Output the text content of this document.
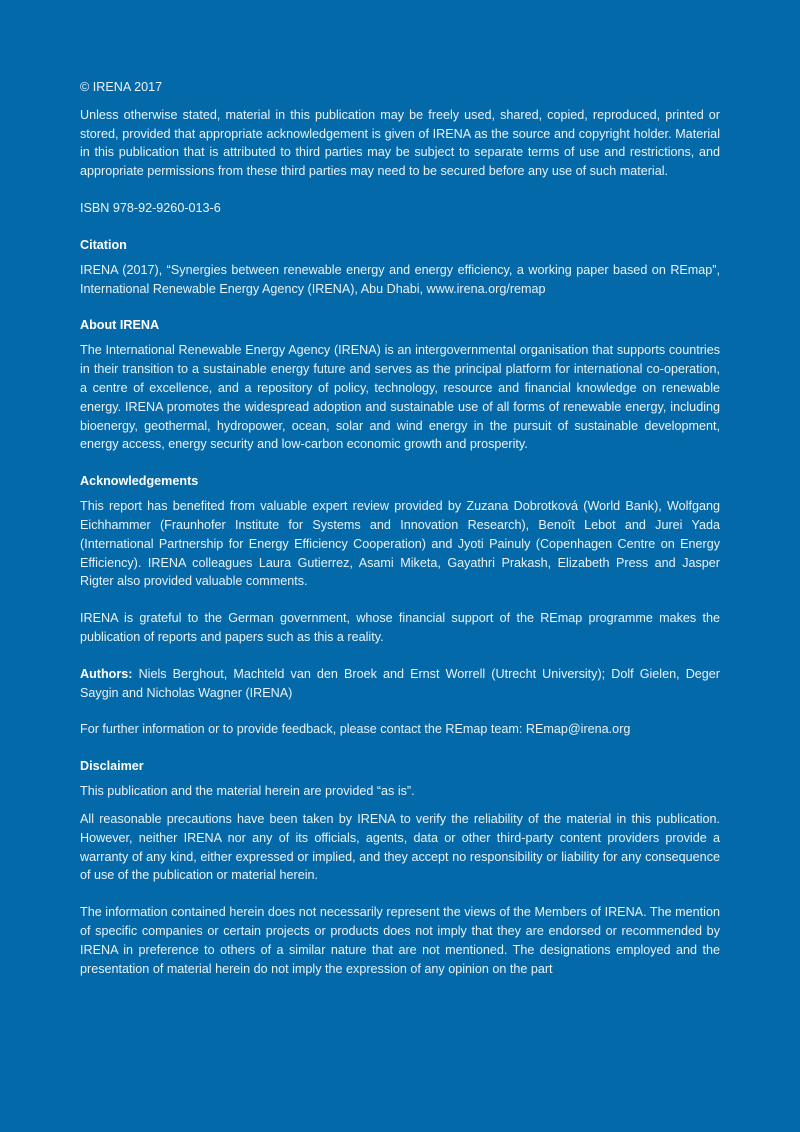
© IRENA 2017

Unless otherwise stated, material in this publication may be freely used, shared, copied, reproduced, printed or stored, provided that appropriate acknowledgement is given of IRENA as the source and copyright holder. Material in this publication that is attributed to third parties may be subject to separate terms of use and restrictions, and appropriate permissions from these third parties may need to be secured before any use of such material.

ISBN 978-92-9260-013-6

Citation

IRENA (2017), “Synergies between renewable energy and energy efficiency, a working paper based on REmap”, International Renewable Energy Agency (IRENA), Abu Dhabi, www.irena.org/remap

About IRENA

The International Renewable Energy Agency (IRENA) is an intergovernmental organisation that supports countries in their transition to a sustainable energy future and serves as the principal platform for international co-operation, a centre of excellence, and a repository of policy, technology, resource and financial knowledge on renewable energy. IRENA promotes the widespread adoption and sustainable use of all forms of renewable energy, including bioenergy, geothermal, hydropower, ocean, solar and wind energy in the pursuit of sustainable development, energy access, energy security and low-carbon economic growth and prosperity.

Acknowledgements

This report has benefited from valuable expert review provided by Zuzana Dobrotková (World Bank), Wolfgang Eichhammer (Fraunhofer Institute for Systems and Innovation Research), Benoît Lebot and Jurei Yada (International Partnership for Energy Efficiency Cooperation) and Jyoti Painuly (Copenhagen Centre on Energy Efficiency). IRENA colleagues Laura Gutierrez, Asami Miketa, Gayathri Prakash, Elizabeth Press and Jasper Rigter also provided valuable comments.

IRENA is grateful to the German government, whose financial support of the REmap programme makes the publication of reports and papers such as this a reality.

Authors: Niels Berghout, Machteld van den Broek and Ernst Worrell (Utrecht University); Dolf Gielen, Deger Saygin and Nicholas Wagner (IRENA)

For further information or to provide feedback, please contact the REmap team: REmap@irena.org

Disclaimer

This publication and the material herein are provided “as is”.

All reasonable precautions have been taken by IRENA to verify the reliability of the material in this publication. However, neither IRENA nor any of its officials, agents, data or other third-party content providers provide a warranty of any kind, either expressed or implied, and they accept no responsibility or liability for any consequence of use of the publication or material herein.

The information contained herein does not necessarily represent the views of the Members of IRENA. The mention of specific companies or certain projects or products does not imply that they are endorsed or recommended by IRENA in preference to others of a similar nature that are not mentioned. The designations employed and the presentation of material herein do not imply the expression of any opinion on the part
